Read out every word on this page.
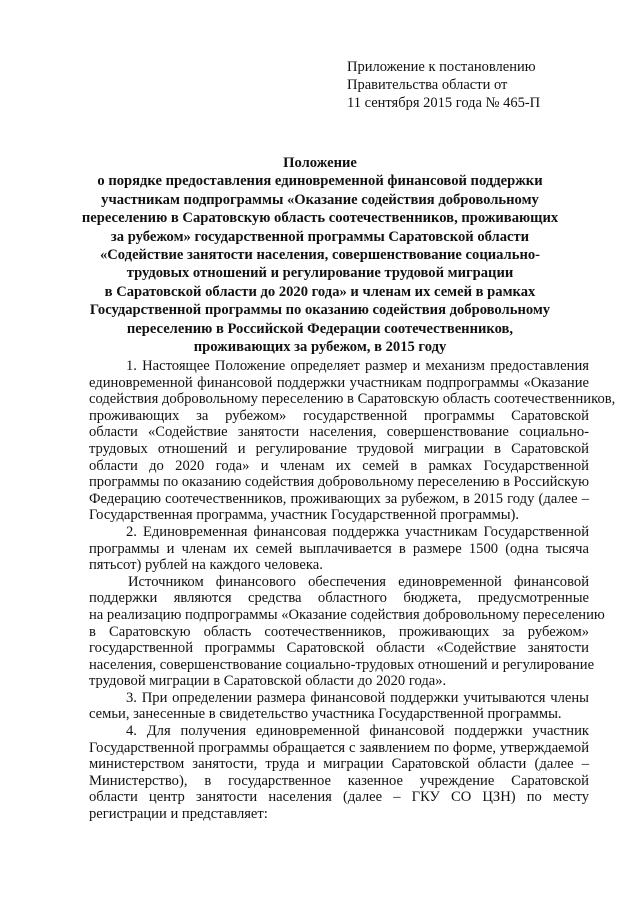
Приложение к постановлению
Правительства области от
11 сентября 2015 года № 465-П
Положение
о порядке предоставления единовременной финансовой поддержки
участникам подпрограммы «Оказание содействия добровольному
переселению в Саратовскую область соотечественников, проживающих
за рубежом» государственной программы Саратовской области
«Содействие занятости населения, совершенствование социально-
трудовых отношений и регулирование трудовой миграции
в Саратовской области до 2020 года» и членам их семей в рамках
Государственной программы по оказанию содействия добровольному
переселению в Российской Федерации соотечественников,
проживающих за рубежом, в 2015 году
1. Настоящее Положение определяет размер и механизм предоставления
единовременной финансовой поддержки участникам подпрограммы «Оказание
содействия добровольному переселению в Саратовскую область соотечественников,
проживающих за рубежом» государственной программы Саратовской
области «Содействие занятости населения, совершенствование социально-
трудовых отношений и регулирование трудовой миграции в Саратовской
области до 2020 года» и членам их семей в рамках Государственной
программы по оказанию содействия добровольному переселению в Российскую
Федерацию соотечественников, проживающих за рубежом, в 2015 году (далее –
Государственная программа, участник Государственной программы).
2. Единовременная финансовая поддержка участникам Государственной
программы и членам их семей выплачивается в размере 1500 (одна тысяча
пятьсот) рублей на каждого человека.
Источником финансового обеспечения единовременной финансовой
поддержки являются средства областного бюджета, предусмотренные
на реализацию подпрограммы «Оказание содействия добровольному переселению
в Саратовскую область соотечественников, проживающих за рубежом»
государственной программы Саратовской области «Содействие занятости
населения, совершенствование социально-трудовых отношений и регулирование
трудовой миграции в Саратовской области до 2020 года».
3. При определении размера финансовой поддержки учитываются члены
семьи, занесенные в свидетельство участника Государственной программы.
4. Для получения единовременной финансовой поддержки участник
Государственной программы обращается с заявлением по форме, утверждаемой
министерством занятости, труда и миграции Саратовской области (далее –
Министерство), в государственное казенное учреждение Саратовской
области центр занятости населения (далее – ГКУ СО ЦЗН) по месту
регистрации и представляет:
